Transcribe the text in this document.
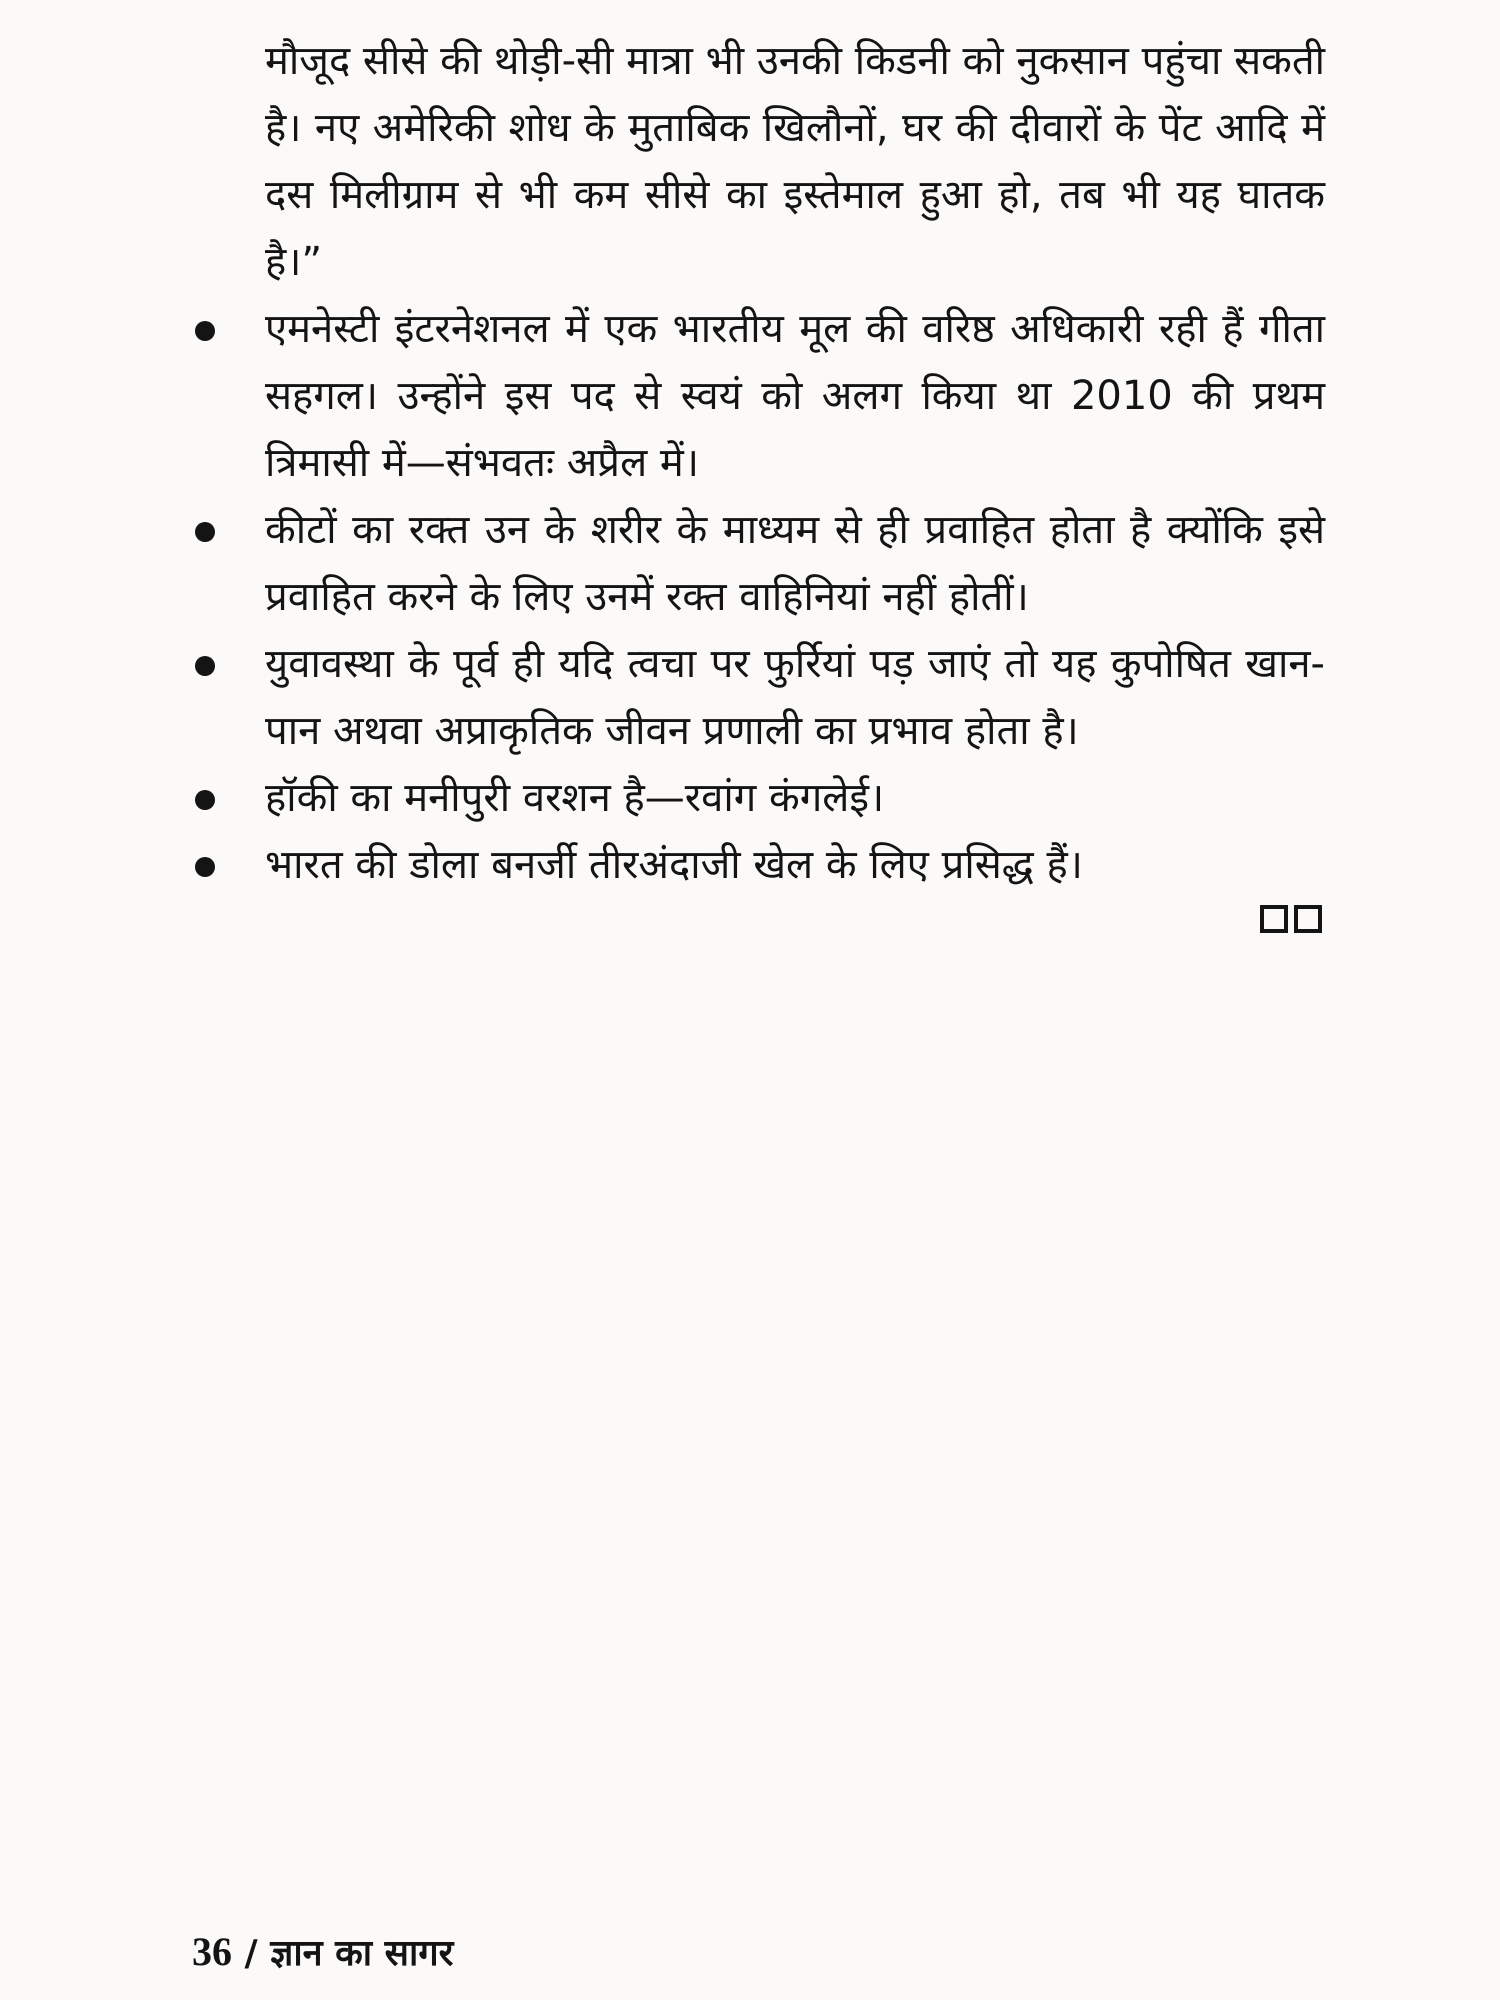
मौजूद सीसे की थोड़ी-सी मात्रा भी उनकी किडनी को नुकसान पहुंचा सकती है। नए अमेरिकी शोध के मुताबिक खिलौनों, घर की दीवारों के पेंट आदि में दस मिलीग्राम से भी कम सीसे का इस्तेमाल हुआ हो, तब भी यह घातक है।”

एमनेस्टी इंटरनेशनल में एक भारतीय मूल की वरिष्ठ अधिकारी रही हैं गीता सहगल। उन्होंने इस पद से स्वयं को अलग किया था 2010 की प्रथम त्रिमासी में—संभवतः अप्रैल में।

कीटों का रक्त उन के शरीर के माध्यम से ही प्रवाहित होता है क्योंकि इसे प्रवाहित करने के लिए उनमें रक्त वाहिनियां नहीं होतीं।

युवावस्था के पूर्व ही यदि त्वचा पर फुर्रियां पड़ जाएं तो यह कुपोषित खान-पान अथवा अप्राकृतिक जीवन प्रणाली का प्रभाव होता है।

हॉकी का मनीपुरी वरशन है—रवांग कंगलेई।

भारत की डोला बनर्जी तीरअंदाजी खेल के लिए प्रसिद्ध हैं।

36 / ज्ञान का सागर
